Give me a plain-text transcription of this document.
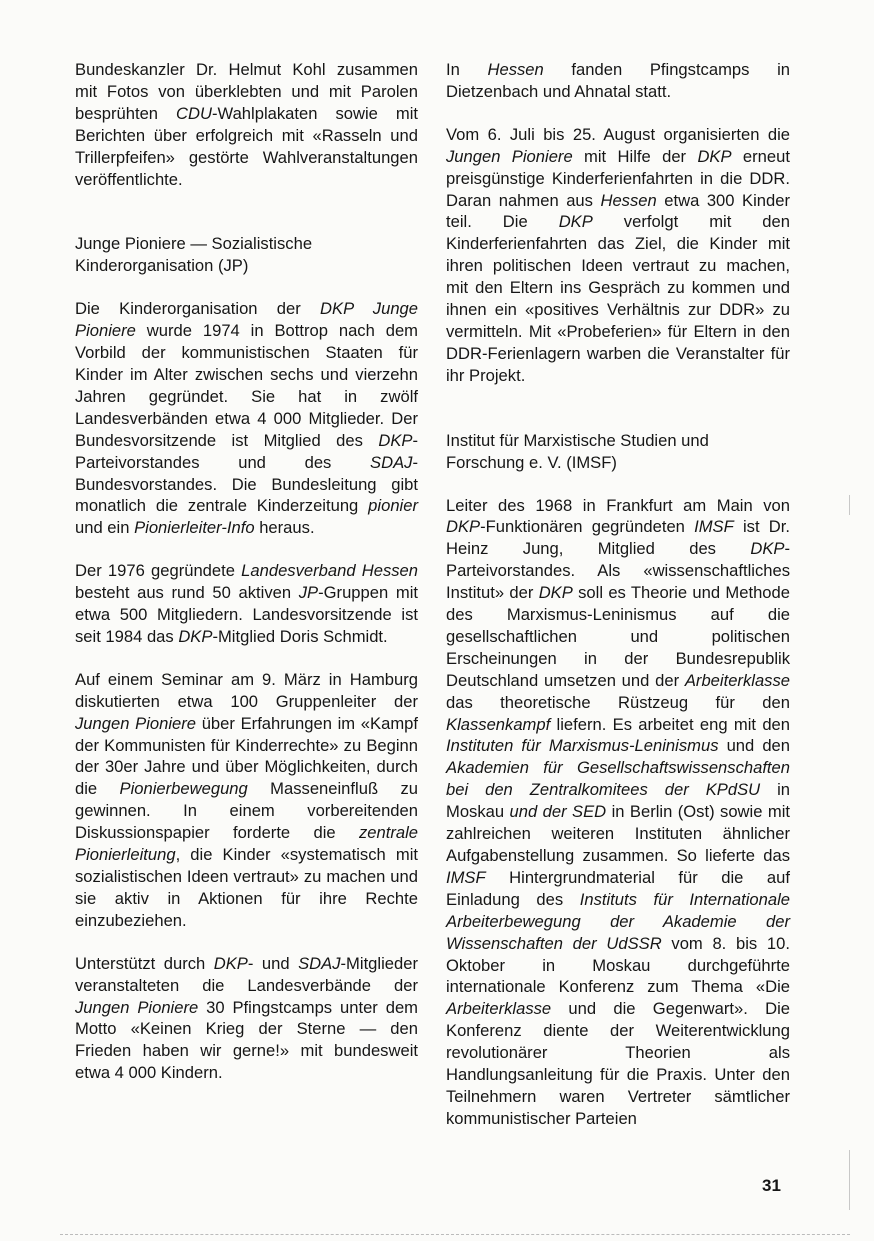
Bundeskanzler Dr. Helmut Kohl zusammen mit Fotos von überklebten und mit Parolen besprühten CDU-Wahlplakaten sowie mit Berichten über erfolgreich mit «Rasseln und Trillerpfeifen» gestörte Wahlveranstaltungen veröffentlichte.

Junge Pioniere — Sozialistische Kinderorganisation (JP)

Die Kinderorganisation der DKP Junge Pioniere wurde 1974 in Bottrop nach dem Vorbild der kommunistischen Staaten für Kinder im Alter zwischen sechs und vierzehn Jahren gegründet. Sie hat in zwölf Landesverbänden etwa 4 000 Mitglieder. Der Bundesvorsitzende ist Mitglied des DKP-Parteivorstandes und des SDAJ-Bundesvorstandes. Die Bundesleitung gibt monatlich die zentrale Kinderzeitung pionier und ein Pionierleiter-Info heraus.

Der 1976 gegründete Landesverband Hessen besteht aus rund 50 aktiven JP-Gruppen mit etwa 500 Mitgliedern. Landesvorsitzende ist seit 1984 das DKP-Mitglied Doris Schmidt.

Auf einem Seminar am 9. März in Hamburg diskutierten etwa 100 Gruppenleiter der Jungen Pioniere über Erfahrungen im «Kampf der Kommunisten für Kinderrechte» zu Beginn der 30er Jahre und über Möglichkeiten, durch die Pionierbewegung Masseneinfluß zu gewinnen. In einem vorbereitenden Diskussionspapier forderte die zentrale Pionierleitung, die Kinder «systematisch mit sozialistischen Ideen vertraut» zu machen und sie aktiv in Aktionen für ihre Rechte einzubeziehen.

Unterstützt durch DKP- und SDAJ-Mitglieder veranstalteten die Landesverbände der Jungen Pioniere 30 Pfingstcamps unter dem Motto «Keinen Krieg der Sterne — den Frieden haben wir gerne!» mit bundesweit etwa 4 000 Kindern.

In Hessen fanden Pfingstcamps in Dietzenbach und Ahnatal statt.

Vom 6. Juli bis 25. August organisierten die Jungen Pioniere mit Hilfe der DKP erneut preisgünstige Kinderferienfahrten in die DDR. Daran nahmen aus Hessen etwa 300 Kinder teil. Die DKP verfolgt mit den Kinderferienfahrten das Ziel, die Kinder mit ihren politischen Ideen vertraut zu machen, mit den Eltern ins Gespräch zu kommen und ihnen ein «positives Verhältnis zur DDR» zu vermitteln. Mit «Probeferien» für Eltern in den DDR-Ferienlagern warben die Veranstalter für ihr Projekt.

Institut für Marxistische Studien und Forschung e. V. (IMSF)

Leiter des 1968 in Frankfurt am Main von DKP-Funktionären gegründeten IMSF ist Dr. Heinz Jung, Mitglied des DKP-Parteivorstandes. Als «wissenschaftliches Institut» der DKP soll es Theorie und Methode des Marxismus-Leninismus auf die gesellschaftlichen und politischen Erscheinungen in der Bundesrepublik Deutschland umsetzen und der Arbeiterklasse das theoretische Rüstzeug für den Klassenkampf liefern. Es arbeitet eng mit den Instituten für Marxismus-Leninismus und den Akademien für Gesellschaftswissenschaften bei den Zentralkomitees der KPdSU in Moskau und der SED in Berlin (Ost) sowie mit zahlreichen weiteren Instituten ähnlicher Aufgabenstellung zusammen. So lieferte das IMSF Hintergrundmaterial für die auf Einladung des Instituts für Internationale Arbeiterbewegung der Akademie der Wissenschaften der UdSSR vom 8. bis 10. Oktober in Moskau durchgeführte internationale Konferenz zum Thema «Die Arbeiterklasse und die Gegenwart». Die Konferenz diente der Weiterentwicklung revolutionärer Theorien als Handlungsanleitung für die Praxis. Unter den Teilnehmern waren Vertreter sämtlicher kommunistischer Parteien

31
